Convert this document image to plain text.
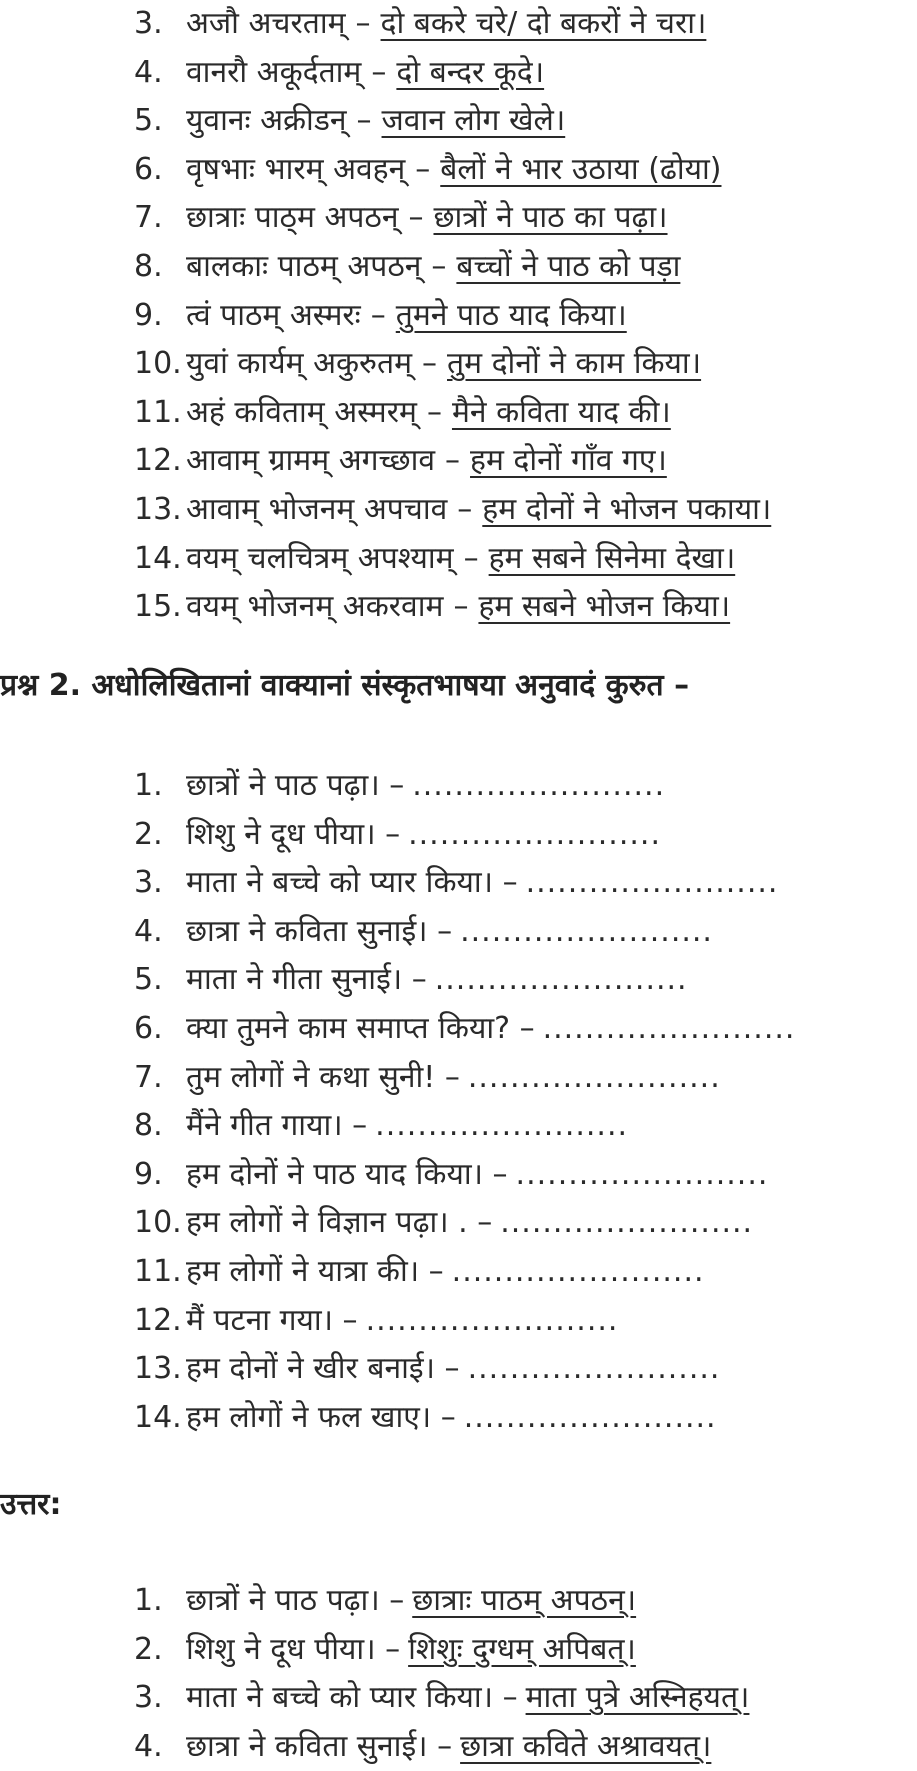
3. अजौ अचरताम् – दो बकरे चरे/ दो बकरों ने चरा।
4. वानरौ अकूर्दताम् – दो बन्दर कूदे।
5. युवानः अक्रीडन् – जवान लोग खेले।
6. वृषभाः भारम् अवहन् – बैलों ने भार उठाया (ढोया)
7. छात्राः पाठ्म अपठन् – छात्रों ने पाठ का पढ़ा।
8. बालकाः पाठम् अपठन् – बच्चों ने पाठ को पड़ा
9. त्वं पाठम् अस्मरः – तुमने पाठ याद किया।
10. युवां कार्यम् अकुरुतम् – तुम दोनों ने काम किया।
11. अहं कविताम् अस्मरम् – मैने कविता याद की।
12. आवाम् ग्रामम् अगच्छाव – हम दोनों गाँव गए।
13. आवाम् भोजनम् अपचाव – हम दोनों ने भोजन पकाया।
14. वयम् चलचित्रम् अपश्याम् – हम सबने सिनेमा देखा।
15. वयम् भोजनम् अकरवाम – हम सबने भोजन किया।
प्रश्न 2. अधोलिखितानां वाक्यानां संस्कृतभाषया अनुवादं कुरुत –
1. छात्रों ने पाठ पढ़ा। – ........................
2. शिशु ने दूध पीया। – ........................
3. माता ने बच्चे को प्यार किया। – ........................
4. छात्रा ने कविता सुनाई। – ........................
5. माता ने गीता सुनाई। – ........................
6. क्या तुमने काम समाप्त किया? – ........................
7. तुम लोगों ने कथा सुनी! – ........................
8. मैंने गीत गाया। – ........................
9. हम दोनों ने पाठ याद किया। – ........................
10. हम लोगों ने विज्ञान पढ़ा। . – ........................
11. हम लोगों ने यात्रा की। – ........................
12. मैं पटना गया। – ........................
13. हम दोनों ने खीर बनाई। – ........................
14. हम लोगों ने फल खाए। – ........................
उत्तर:
1. छात्रों ने पाठ पढ़ा। – छात्राः पाठम् अपठन्।
2. शिशु ने दूध पीया। – शिशुः दुग्धम् अपिबत्।
3. माता ने बच्चे को प्यार किया। – माता पुत्रे अस्निहयत्।
4. छात्रा ने कविता सुनाई। – छात्रा कविते अश्रावयत्।
